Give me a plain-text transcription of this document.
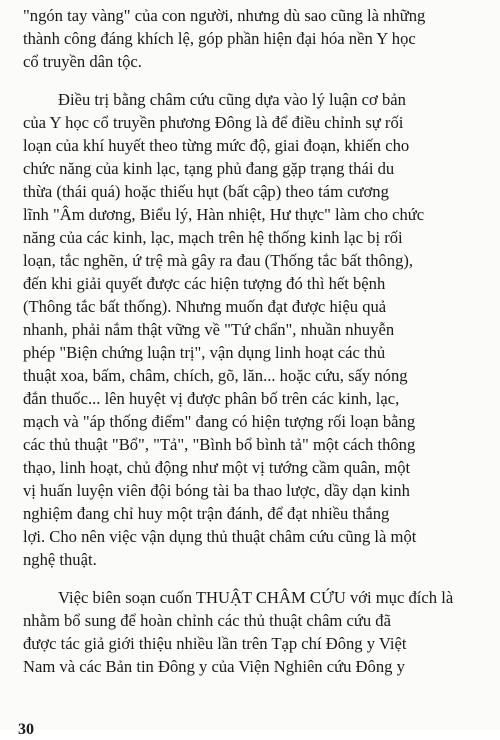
"ngón tay vàng" của con người, nhưng dù sao cũng là những
thành công đáng khích lệ, góp phần hiện đại hóa nền Y học
cổ truyền dân tộc.
Điều trị bằng châm cứu cũng dựa vào lý luận cơ bản
của Y học cổ truyền phương Đông là để điều chỉnh sự rối
loạn của khí huyết theo từng mức độ, giai đoạn, khiến cho
chức năng của kinh lạc, tạng phủ đang gặp trạng thái du
thừa (thái quá) hoặc thiếu hụt (bất cập) theo tám cương
lĩnh "Âm dương, Biểu lý, Hàn nhiệt, Hư thực" làm cho chức
năng của các kinh, lạc, mạch trên hệ thống kinh lạc bị rối
loạn, tắc nghẽn, ứ trệ mà gây ra đau (Thống tắc bất thông),
đến khi giải quyết được các hiện tượng đó thì hết bệnh
(Thông tắc bất thống). Nhưng muốn đạt được hiệu quả
nhanh, phải nắm thật vững về "Tứ chẩn", nhuần nhuyễn
phép "Biện chứng luận trị", vận dụng linh hoạt các thủ
thuật xoa, bấm, châm, chích, gõ, lăn... hoặc cứu, sấy nóng
đắn thuốc... lên huyệt vị được phân bố trên các kinh, lạc,
mạch và "áp thống điểm" đang có hiện tượng rối loạn bằng
các thủ thuật "Bổ", "Tả", "Bình bổ bình tả" một cách thông
thạo, linh hoạt, chủ động như một vị tướng cầm quân, một
vị huấn luyện viên đội bóng tài ba thao lược, dầy dạn kinh
nghiệm đang chỉ huy một trận đánh, để đạt nhiều thắng
lợi. Cho nên việc vận dụng thủ thuật châm cứu cũng là một
nghệ thuật.
Việc biên soạn cuốn THUẬT CHÂM CỨU với mục đích là
nhằm bổ sung để hoàn chỉnh các thủ thuật châm cứu đã
được tác giả giới thiệu nhiều lần trên Tạp chí Đông y Việt
Nam và các Bản tin Đông y của Viện Nghiên cứu Đông y
30
